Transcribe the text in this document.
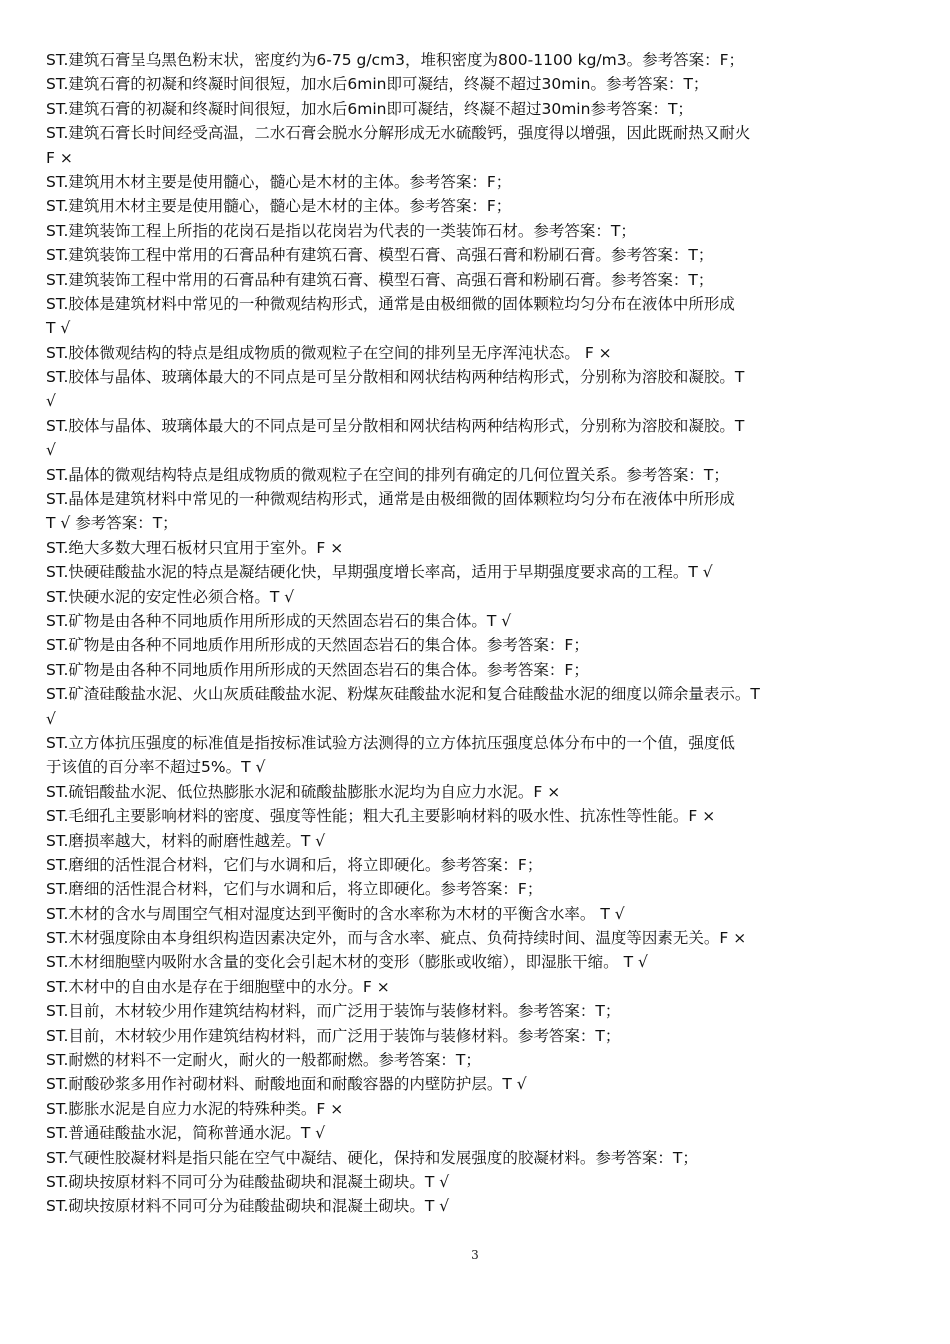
ST.建筑石膏呈乌黑色粉末状，密度约为6-75 g/cm3，堆积密度为800-1100 kg/m3。参考答案：F；
ST.建筑石膏的初凝和终凝时间很短，加水后6min即可凝结，终凝不超过30min。参考答案：T；
ST.建筑石膏的初凝和终凝时间很短，加水后6min即可凝结，终凝不超过30min参考答案：T；
ST.建筑石膏长时间经受高温，二水石膏会脱水分解形成无水硫酸钙，强度得以增强，因此既耐热又耐火
F ×
ST.建筑用木材主要是使用髓心，髓心是木材的主体。参考答案：F；
ST.建筑用木材主要是使用髓心，髓心是木材的主体。参考答案：F；
ST.建筑装饰工程上所指的花岗石是指以花岗岩为代表的一类装饰石材。参考答案：T；
ST.建筑装饰工程中常用的石膏品种有建筑石膏、模型石膏、高强石膏和粉刷石膏。参考答案：T；
ST.建筑装饰工程中常用的石膏品种有建筑石膏、模型石膏、高强石膏和粉刷石膏。参考答案：T；
ST.胶体是建筑材料中常见的一种微观结构形式，通常是由极细微的固体颗粒均匀分布在液体中所形成
T √
ST.胶体微观结构的特点是组成物质的微观粒子在空间的排列呈无序浑沌状态。 F ×
ST.胶体与晶体、玻璃体最大的不同点是可呈分散相和网状结构两种结构形式，分别称为溶胶和凝胶。T
√
ST.胶体与晶体、玻璃体最大的不同点是可呈分散相和网状结构两种结构形式，分别称为溶胶和凝胶。T
√
ST.晶体的微观结构特点是组成物质的微观粒子在空间的排列有确定的几何位置关系。参考答案：T；
ST.晶体是建筑材料中常见的一种微观结构形式，通常是由极细微的固体颗粒均匀分布在液体中所形成
T √ 参考答案：T；
ST.绝大多数大理石板材只宜用于室外。F ×
ST.快硬硅酸盐水泥的特点是凝结硬化快，早期强度增长率高，适用于早期强度要求高的工程。T √
ST.快硬水泥的安定性必须合格。T √
ST.矿物是由各种不同地质作用所形成的天然固态岩石的集合体。T √
ST.矿物是由各种不同地质作用所形成的天然固态岩石的集合体。参考答案：F；
ST.矿物是由各种不同地质作用所形成的天然固态岩石的集合体。参考答案：F；
ST.矿渣硅酸盐水泥、火山灰质硅酸盐水泥、粉煤灰硅酸盐水泥和复合硅酸盐水泥的细度以筛余量表示。T
√
ST.立方体抗压强度的标准值是指按标准试验方法测得的立方体抗压强度总体分布中的一个值，强度低
于该值的百分率不超过5%。T √
ST.硫铝酸盐水泥、低位热膨胀水泥和硫酸盐膨胀水泥均为自应力水泥。F ×
ST.毛细孔主要影响材料的密度、强度等性能；粗大孔主要影响材料的吸水性、抗冻性等性能。F ×
ST.磨损率越大，材料的耐磨性越差。T √
ST.磨细的活性混合材料，它们与水调和后，将立即硬化。参考答案：F；
ST.磨细的活性混合材料，它们与水调和后，将立即硬化。参考答案：F；
ST.木材的含水与周围空气相对湿度达到平衡时的含水率称为木材的平衡含水率。 T √
ST.木材强度除由本身组织构造因素决定外，而与含水率、疵点、负荷持续时间、温度等因素无关。F ×
ST.木材细胞壁内吸附水含量的变化会引起木材的变形（膨胀或收缩），即湿胀干缩。 T √
ST.木材中的自由水是存在于细胞壁中的水分。F ×
ST.目前，木材较少用作建筑结构材料，而广泛用于装饰与装修材料。参考答案：T；
ST.目前，木材较少用作建筑结构材料，而广泛用于装饰与装修材料。参考答案：T；
ST.耐燃的材料不一定耐火，耐火的一般都耐燃。参考答案：T；
ST.耐酸砂浆多用作衬砌材料、耐酸地面和耐酸容器的内壁防护层。T √
ST.膨胀水泥是自应力水泥的特殊种类。F ×
ST.普通硅酸盐水泥，简称普通水泥。T √
ST.气硬性胶凝材料是指只能在空气中凝结、硬化，保持和发展强度的胶凝材料。参考答案：T；
ST.砌块按原材料不同可分为硅酸盐砌块和混凝土砌块。T √
ST.砌块按原材料不同可分为硅酸盐砌块和混凝土砌块。T √
3
